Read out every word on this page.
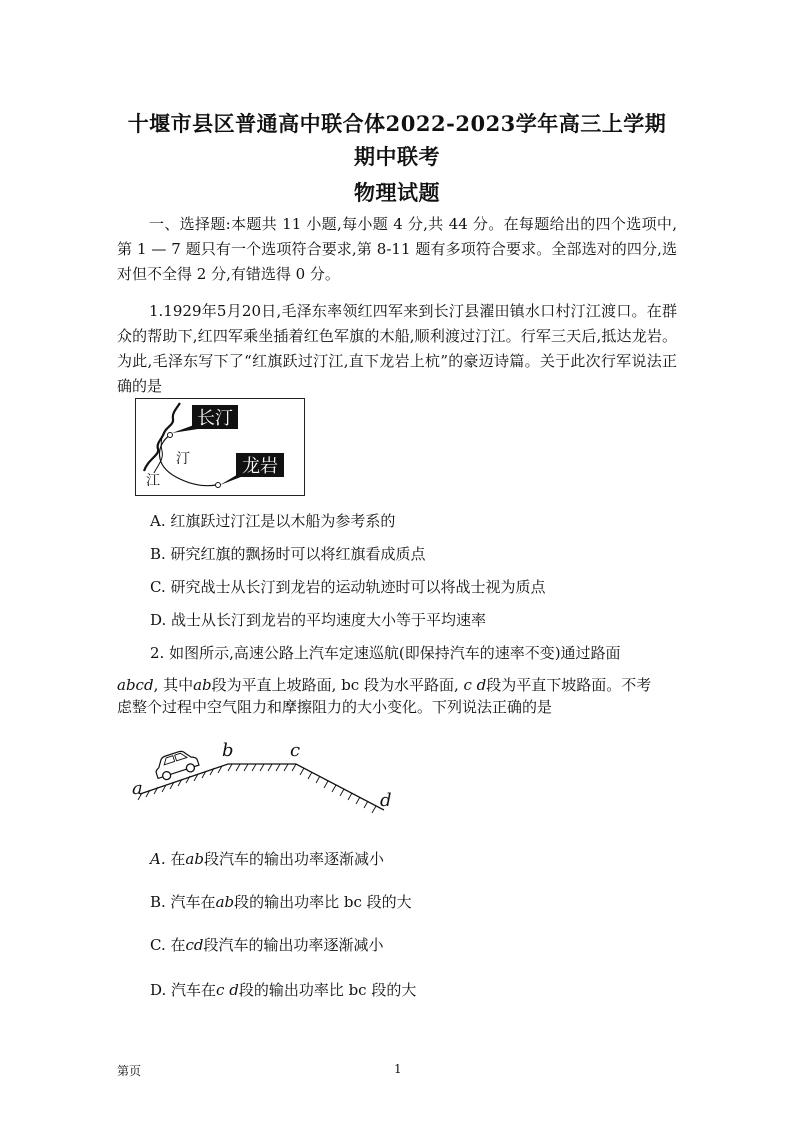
十堰市县区普通高中联合体2022-2023学年高三上学期
期中联考
物理试题
一、选择题:本题共 11 小题,每小题 4 分,共 44 分。在每题给出的四个选项中,第 1 — 7 题只有一个选项符合要求,第 8-11 题有多项符合要求。全部选对的四分,选对但不全得 2 分,有错选得 0 分。
1.1929年5月20日,毛泽东率领红四军来到长汀县濯田镇水口村汀江渡口。在群众的帮助下,红四军乘坐插着红色军旗的木船,顺利渡过汀江。行军三天后,抵达龙岩。为此,毛泽东写下了“红旗跃过汀江,直下龙岩上杭”的豪迈诗篇。关于此次行军说法正确的是
长汀
龙岩
汀
江
A. 红旗跃过汀江是以木船为参考系的
B. 研究红旗的飘扬时可以将红旗看成质点
C. 研究战士从长汀到龙岩的运动轨迹时可以将战士视为质点
D. 战士从长汀到龙岩的平均速度大小等于平均速率
2. 如图所示,高速公路上汽车定速巡航(即保持汽车的速率不变)通过路面
abcd, 其中ab段为平直上坡路面, bc 段为水平路面, c d段为平直下坡路面。不考
虑整个过程中空气阻力和摩擦阻力的大小变化。下列说法正确的是
a
b	c
d
A. 在ab段汽车的输出功率逐渐减小
B. 汽车在ab段的输出功率比 bc 段的大
C. 在cd段汽车的输出功率逐渐减小
D. 汽车在c d段的输出功率比 bc 段的大
第页	1
